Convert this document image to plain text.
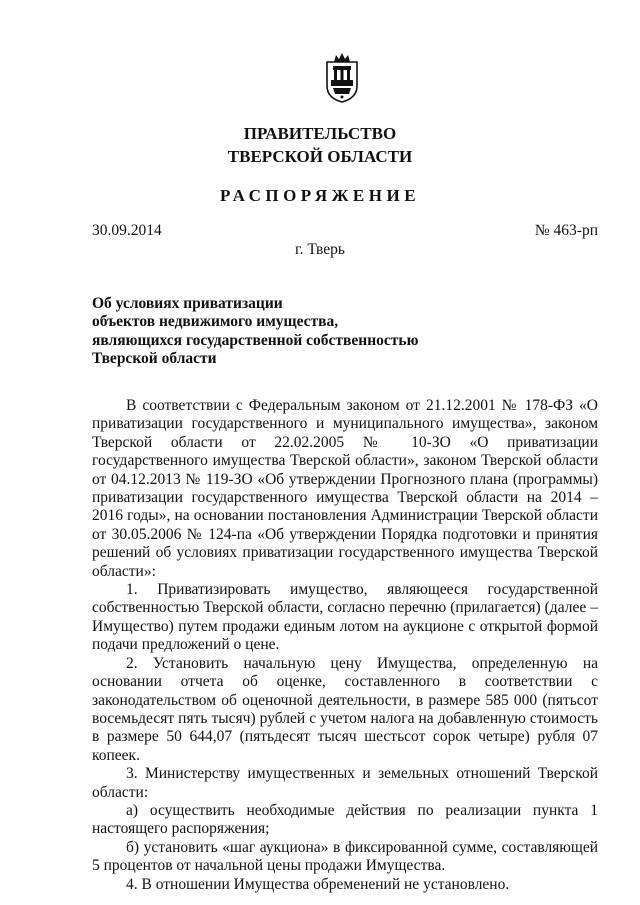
ПРАВИТЕЛЬСТВО
ТВЕРСКОЙ ОБЛАСТИ
РАСПОРЯЖЕНИЕ
30.09.2014	№ 463-рп
г. Тверь
Об условиях приватизации
объектов недвижимого имущества,
являющихся государственной собственностью
Тверской области

В соответствии с Федеральным законом от 21.12.2001 № 178-ФЗ «О приватизации государственного и муниципального имущества», законом Тверской области от 22.02.2005 № 10-ЗО «О приватизации государственного имущества Тверской области», законом Тверской области от 04.12.2013 № 119-ЗО «Об утверждении Прогнозного плана (программы) приватизации государственного имущества Тверской области на 2014 – 2016 годы», на основании постановления Администрации Тверской области от 30.05.2006 № 124-па «Об утверждении Порядка подготовки и принятия решений об условиях приватизации государственного имущества Тверской области»:

1. Приватизировать имущество, являющееся государственной собственностью Тверской области, согласно перечню (прилагается) (далее – Имущество) путем продажи единым лотом на аукционе с открытой формой подачи предложений о цене.

2. Установить начальную цену Имущества, определенную на основании отчета об оценке, составленного в соответствии с законодательством об оценочной деятельности, в размере 585 000 (пятьсот восемьдесят пять тысяч) рублей с учетом налога на добавленную стоимость в размере 50 644,07 (пятьдесят тысяч шестьсот сорок четыре) рубля 07 копеек.

3. Министерству имущественных и земельных отношений Тверской области:

а) осуществить необходимые действия по реализации пункта 1 настоящего распоряжения;

б) установить «шаг аукциона» в фиксированной сумме, составляющей 5 процентов от начальной цены продажи Имущества.

4. В отношении Имущества обременений не установлено.
